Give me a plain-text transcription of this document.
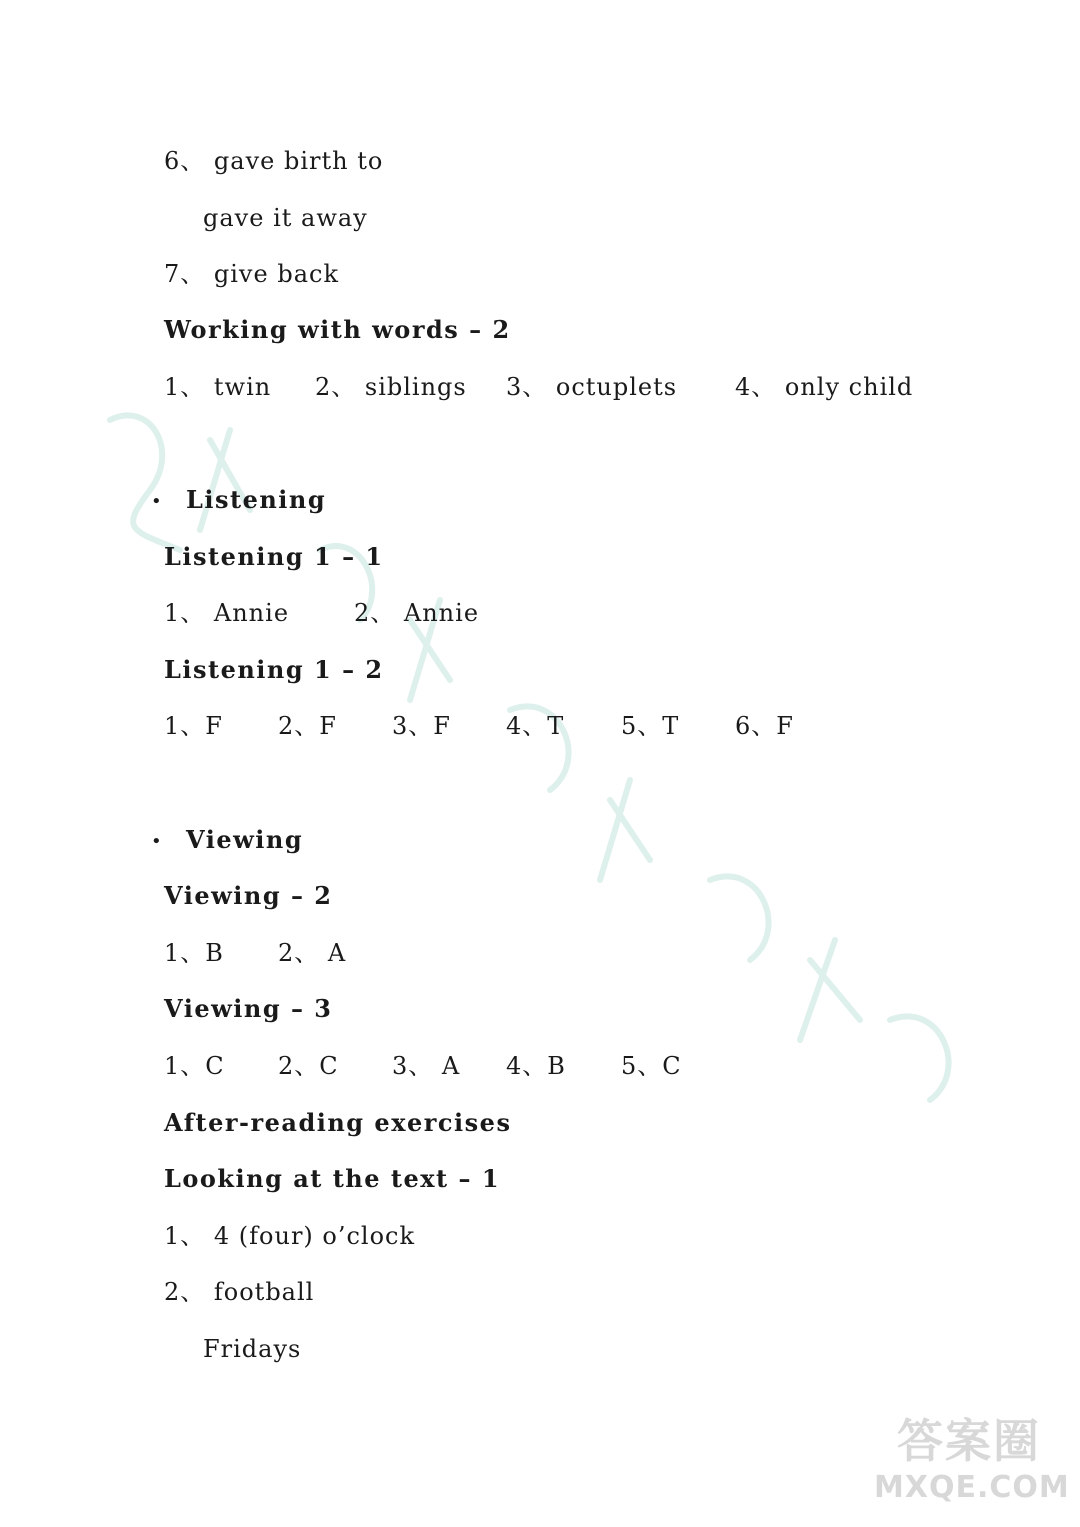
6、 gave birth to
gave it away
7、 give back
Working with words – 2
1、 twin 2、 siblings 3、 octuplets 4、 only child
• Listening
Listening 1 – 1
1、 Annie	2、 Annie
Listening 1 – 2
1、F 2、F 3、F 4、T 5、T 6、F
• Viewing
Viewing – 2
1、B 2、 A
Viewing – 3
1、C 2、C 3、 A 4、B 5、C
After-reading exercises
Looking at the text – 1
1、 4 (four) o’clock
2、 football
Fridays
答案圈
MXQE.COM
